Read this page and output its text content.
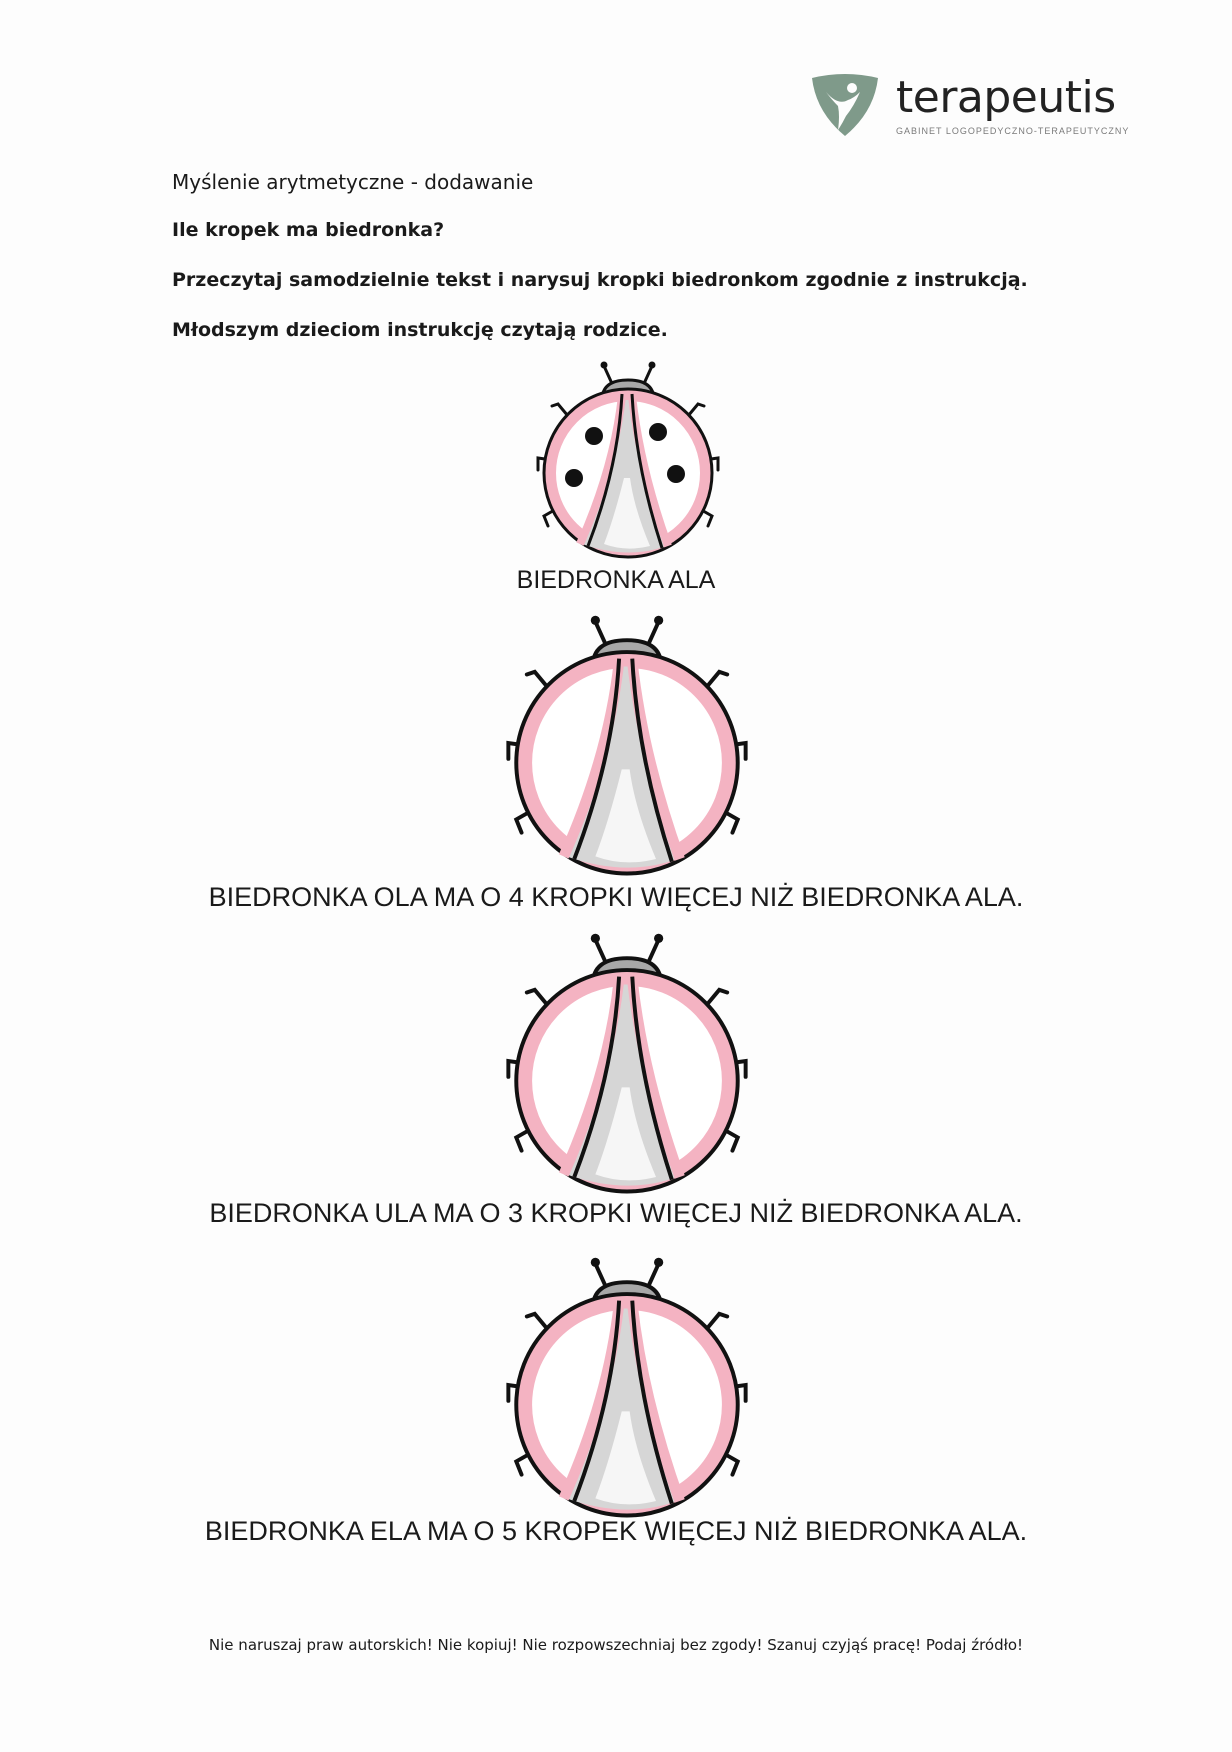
terapeutis
GABINET LOGOPEDYCZNO-TERAPEUTYCZNY
Myślenie arytmetyczne - dodawanie
Ile kropek ma biedronka?
Przeczytaj samodzielnie tekst i narysuj kropki biedronkom zgodnie z instrukcją.
Młodszym dzieciom instrukcję czytają rodzice.
BIEDRONKA ALA
BIEDRONKA OLA MA O 4 KROPKI WIĘCEJ NIŻ BIEDRONKA ALA.
BIEDRONKA ULA MA O 3 KROPKI WIĘCEJ NIŻ BIEDRONKA ALA.
BIEDRONKA ELA MA O 5 KROPEK WIĘCEJ NIŻ BIEDRONKA ALA.
Nie naruszaj praw autorskich! Nie kopiuj! Nie rozpowszechniaj bez zgody! Szanuj czyjąś pracę! Podaj źródło!
